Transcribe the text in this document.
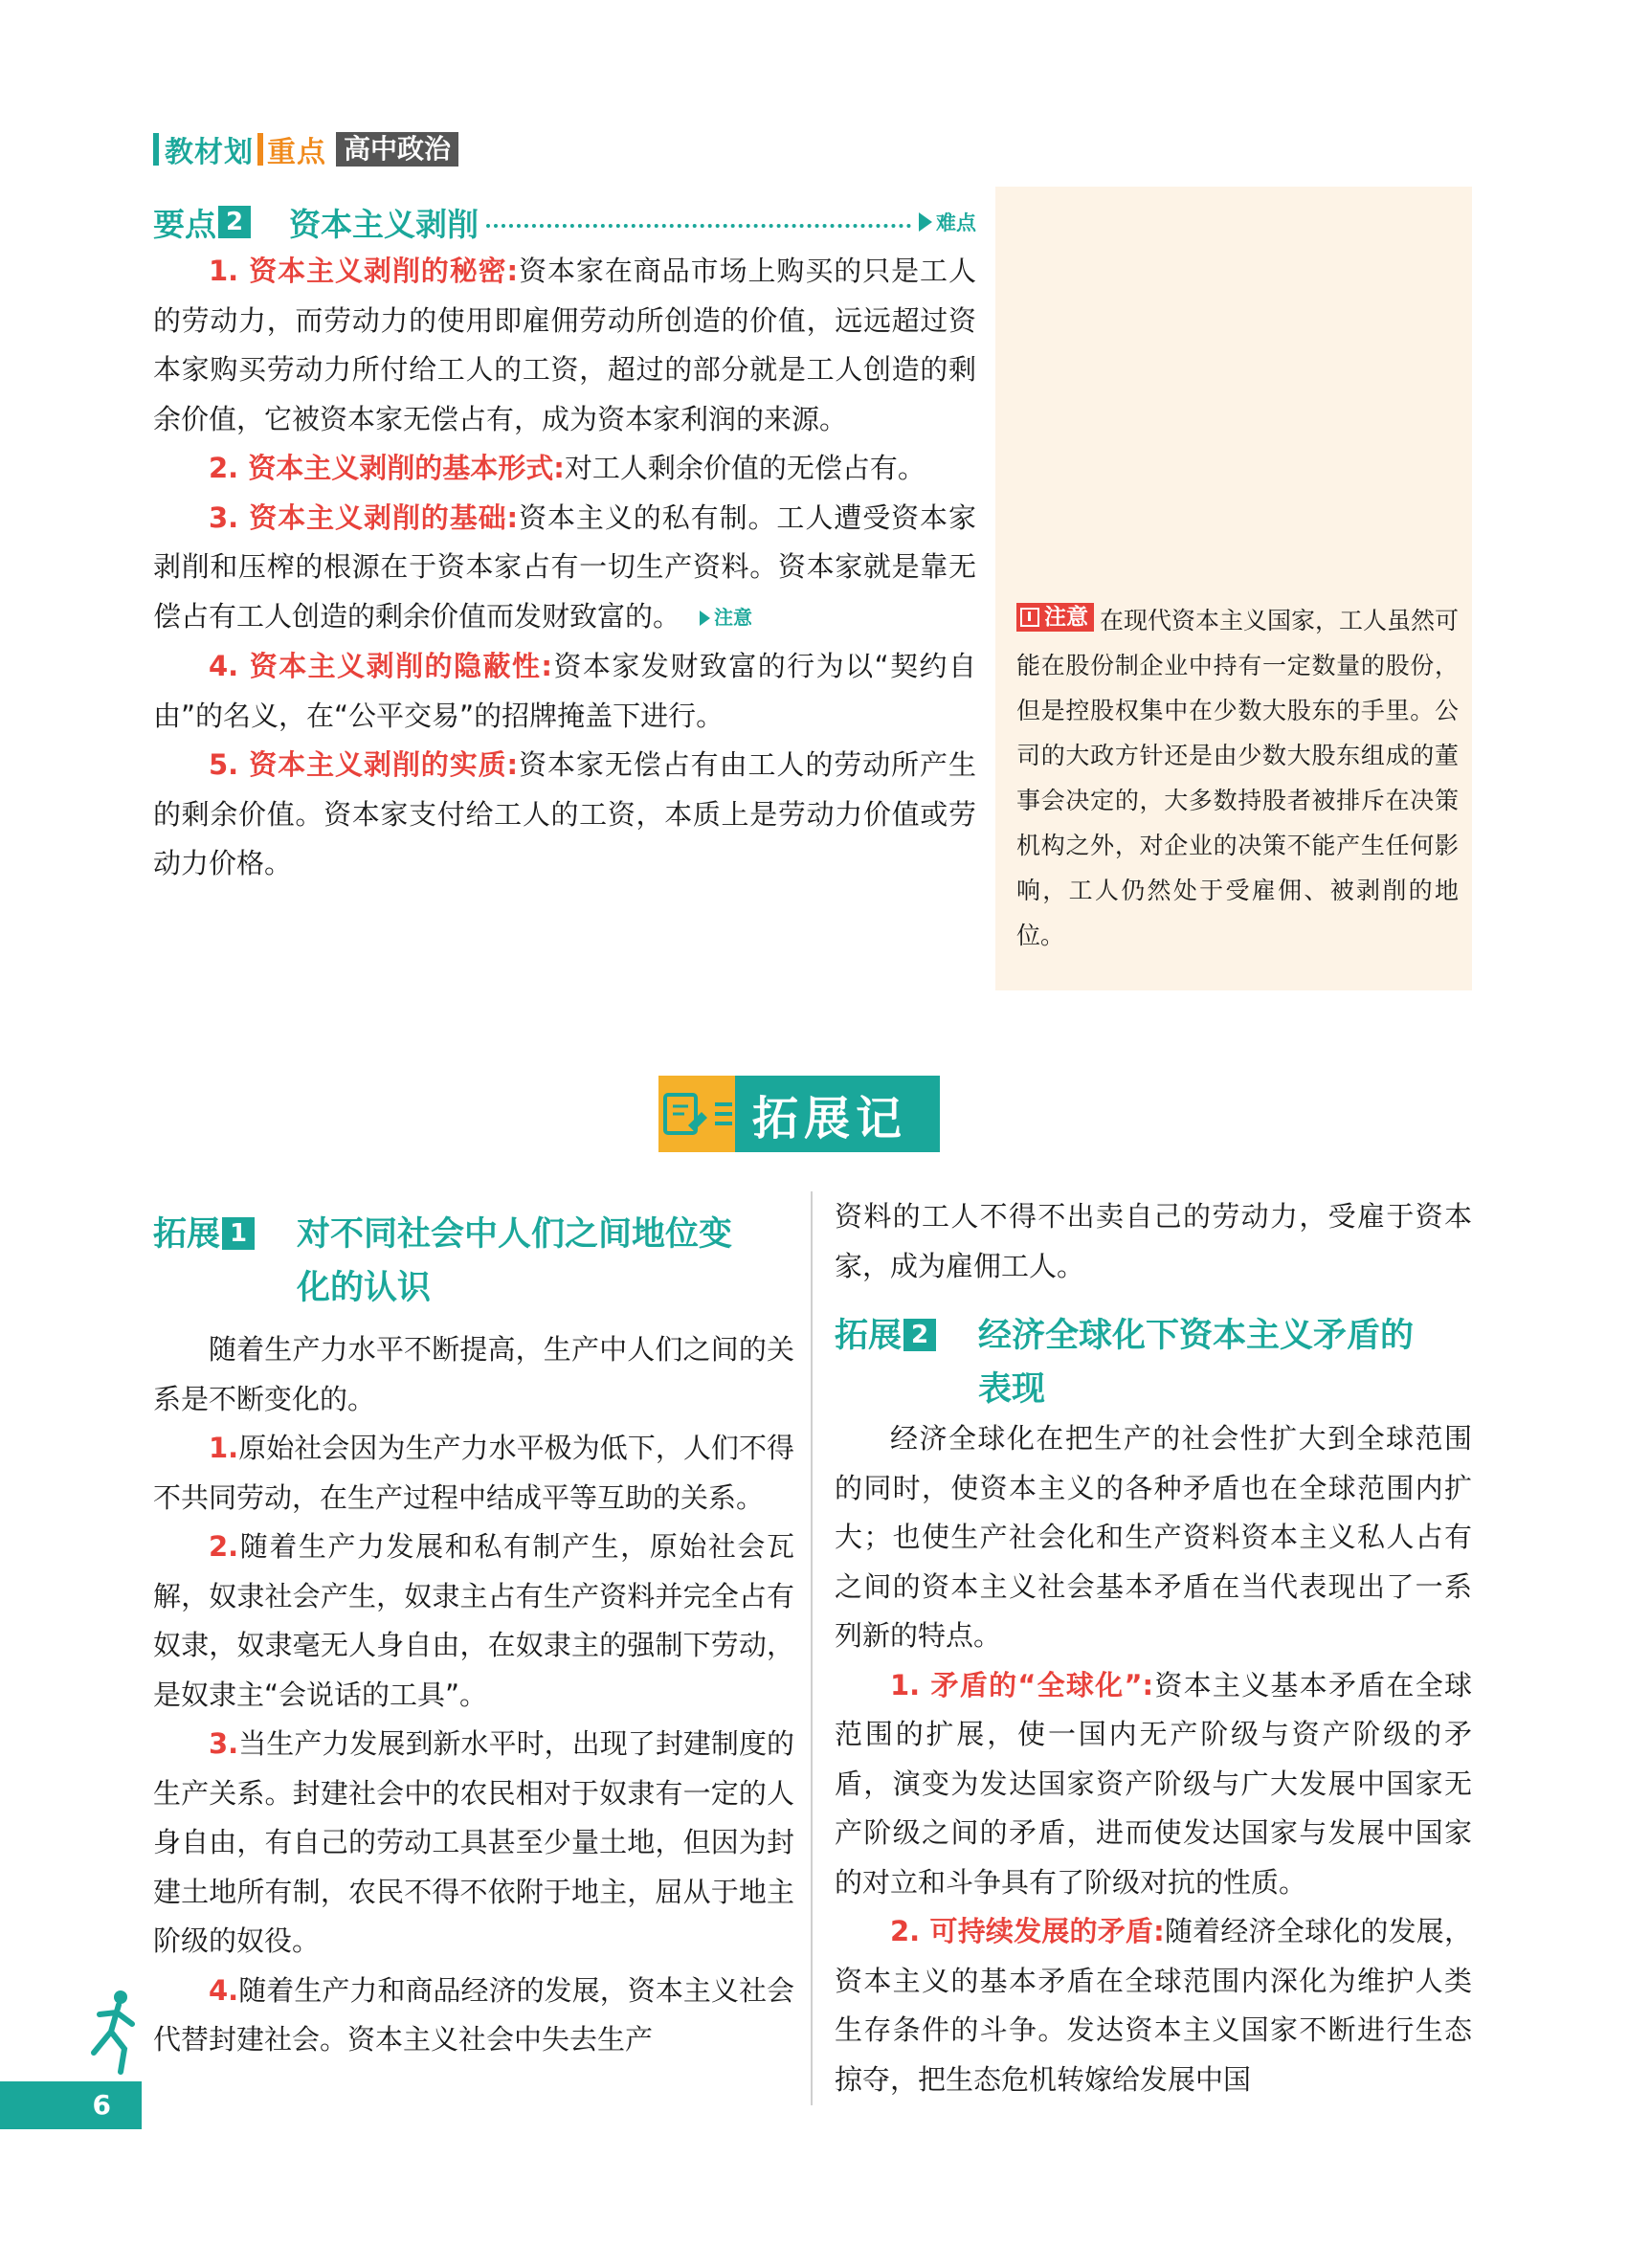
教材划 重点 高中政治
注意 在现代资本主义国家，工人虽然可能在股份制企业中持有一定数量的股份，但是控股权集中在少数大股东的手里。公司的大政方针还是由少数大股东组成的董事会决定的，大多数持股者被排斥在决策机构之外，对企业的决策不能产生任何影响，工人仍然处于受雇佣、被剥削的地位。
要点 2 资本主义剥削	难点

1. 资本主义剥削的秘密:资本家在商品市场上购买的只是工人的劳动力，而劳动力的使用即雇佣劳动所创造的价值，远远超过资本家购买劳动力所付给工人的工资，超过的部分就是工人创造的剩余价值，它被资本家无偿占有，成为资本家利润的来源。

2. 资本主义剥削的基本形式:对工人剩余价值的无偿占有。

3. 资本主义剥削的基础:资本主义的私有制。工人遭受资本家剥削和压榨的根源在于资本家占有一切生产资料。资本家就是靠无偿占有工人创造的剩余价值而发财致富的。 注意

4. 资本主义剥削的隐蔽性:资本家发财致富的行为以“契约自由”的名义，在“公平交易”的招牌掩盖下进行。

5. 资本主义剥削的实质:资本家无偿占有由工人的劳动所产生的剩余价值。资本家支付给工人的工资，本质上是劳动力价值或劳动力价格。

拓展记
拓展 1	对不同社会中人们之间地位变
化的认识

随着生产力水平不断提高，生产中人们之间的关系是不断变化的。

1.原始社会因为生产力水平极为低下，人们不得不共同劳动，在生产过程中结成平等互助的关系。

2.随着生产力发展和私有制产生，原始社会瓦解，奴隶社会产生，奴隶主占有生产资料并完全占有奴隶，奴隶毫无人身自由，在奴隶主的强制下劳动，是奴隶主“会说话的工具”。

3.当生产力发展到新水平时，出现了封建制度的生产关系。封建社会中的农民相对于奴隶有一定的人身自由，有自己的劳动工具甚至少量土地，但因为封建土地所有制，农民不得不依附于地主，屈从于地主阶级的奴役。

4.随着生产力和商品经济的发展，资本主义社会代替封建社会。资本主义社会中失去生产

资料的工人不得不出卖自己的劳动力，受雇于资本家，成为雇佣工人。

拓展 2	经济全球化下资本主义矛盾的
表现

经济全球化在把生产的社会性扩大到全球范围的同时，使资本主义的各种矛盾也在全球范围内扩大；也使生产社会化和生产资料资本主义私人占有之间的资本主义社会基本矛盾在当代表现出了一系列新的特点。

1. 矛盾的“全球化”:资本主义基本矛盾在全球范围的扩展，使一国内无产阶级与资产阶级的矛盾，演变为发达国家资产阶级与广大发展中国家无产阶级之间的矛盾，进而使发达国家与发展中国家的对立和斗争具有了阶级对抗的性质。

2. 可持续发展的矛盾:随着经济全球化的发展，资本主义的基本矛盾在全球范围内深化为维护人类生存条件的斗争。发达资本主义国家不断进行生态掠夺，把生态危机转嫁给发展中国

6
